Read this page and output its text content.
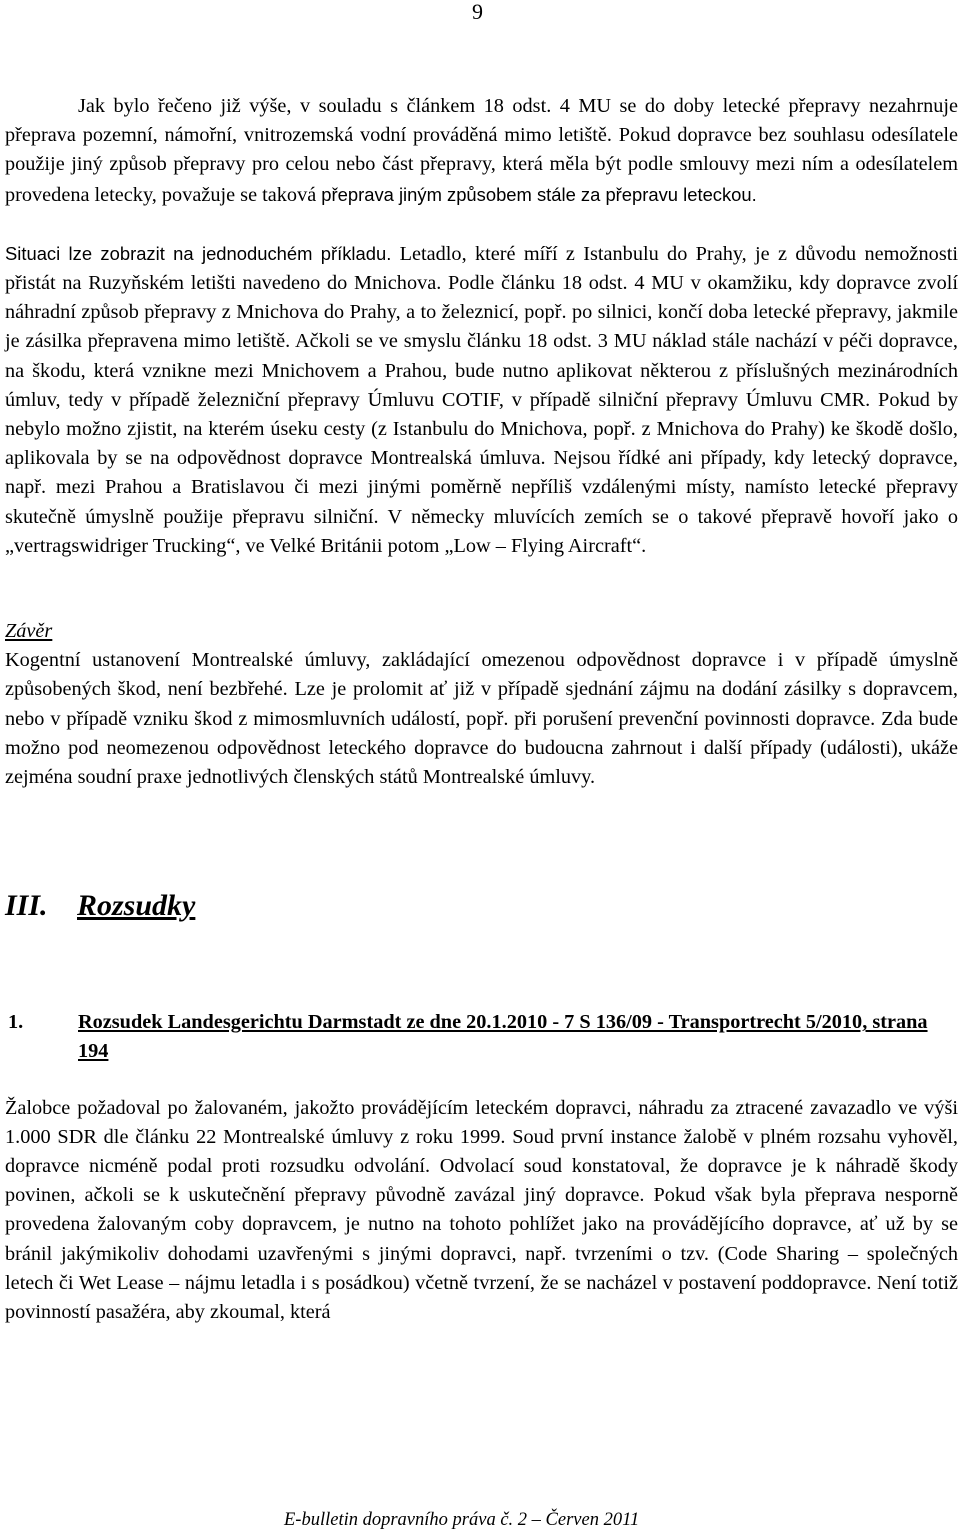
9

Jak bylo řečeno již výše, v souladu s článkem 18 odst. 4 MU se do doby letecké přepravy nezahrnuje přeprava pozemní, námořní, vnitrozemská vodní prováděná mimo letiště. Pokud dopravce bez souhlasu odesílatele použije jiný způsob přepravy pro celou nebo část přepravy, která měla být podle smlouvy mezi ním a odesílatelem provedena letecky, považuje se taková přeprava jiným způsobem stále za přepravu leteckou.

Situaci lze zobrazit na jednoduchém příkladu. Letadlo, které míří z Istanbulu do Prahy, je z důvodu nemožnosti přistát na Ruzyňském letišti navedeno do Mnichova. Podle článku 18 odst. 4 MU v okamžiku, kdy dopravce zvolí náhradní způsob přepravy z Mnichova do Prahy, a to železnicí, popř. po silnici, končí doba letecké přepravy, jakmile je zásilka přepravena mimo letiště. Ačkoli se ve smyslu článku 18 odst. 3 MU náklad stále nachází v péči dopravce, na škodu, která vznikne mezi Mnichovem a Prahou, bude nutno aplikovat některou z příslušných mezinárodních úmluv, tedy v případě železniční přepravy Úmluvu COTIF, v případě silniční přepravy Úmluvu CMR. Pokud by nebylo možno zjistit, na kterém úseku cesty (z Istanbulu do Mnichova, popř. z Mnichova do Prahy) ke škodě došlo, aplikovala by se na odpovědnost dopravce Montrealská úmluva. Nejsou řídké ani případy, kdy letecký dopravce, např. mezi Prahou a Bratislavou či mezi jinými poměrně nepříliš vzdálenými místy, namísto letecké přepravy skutečně úmyslně použije přepravu silniční. V německy mluvících zemích se o takové přepravě hovoří jako o „vertragswidriger Trucking“, ve Velké Británii potom „Low – Flying Aircraft“.

Závěr

Kogentní ustanovení Montrealské úmluvy, zakládající omezenou odpovědnost dopravce i v případě úmyslně způsobených škod, není bezbřehé. Lze je prolomit ať již v případě sjednání zájmu na dodání zásilky s dopravcem, nebo v případě vzniku škod z mimosmluvních událostí, popř. při porušení prevenční povinnosti dopravce. Zda bude možno pod neomezenou odpovědnost leteckého dopravce do budoucna zahrnout i další případy (události), ukáže zejména soudní praxe jednotlivých členských států Montrealské úmluvy.

III. Rozsudky
1.	Rozsudek Landesgerichtu Darmstadt ze dne 20.1.2010 - 7 S 136/09 - Transportrecht 5/2010, strana 194

Žalobce požadoval po žalovaném, jakožto provádějícím leteckém dopravci, náhradu za ztracené zavazadlo ve výši 1.000 SDR dle článku 22 Montrealské úmluvy z roku 1999. Soud první instance žalobě v plném rozsahu vyhověl, dopravce nicméně podal proti rozsudku odvolání. Odvolací soud konstatoval, že dopravce je k náhradě škody povinen, ačkoli se k uskutečnění přepravy původně zavázal jiný dopravce. Pokud však byla přeprava nesporně provedena žalovaným coby dopravcem, je nutno na tohoto pohlížet jako na provádějícího dopravce, ať už by se bránil jakýmikoliv dohodami uzavřenými s jinými dopravci, např. tvrzeními o tzv. (Code Sharing – společných letech či Wet Lease – nájmu letadla i s posádkou) včetně tvrzení, že se nacházel v postavení poddopravce. Není totiž povinností pasažéra, aby zkoumal, která

E-bulletin dopravního práva č. 2 – Červen 2011
